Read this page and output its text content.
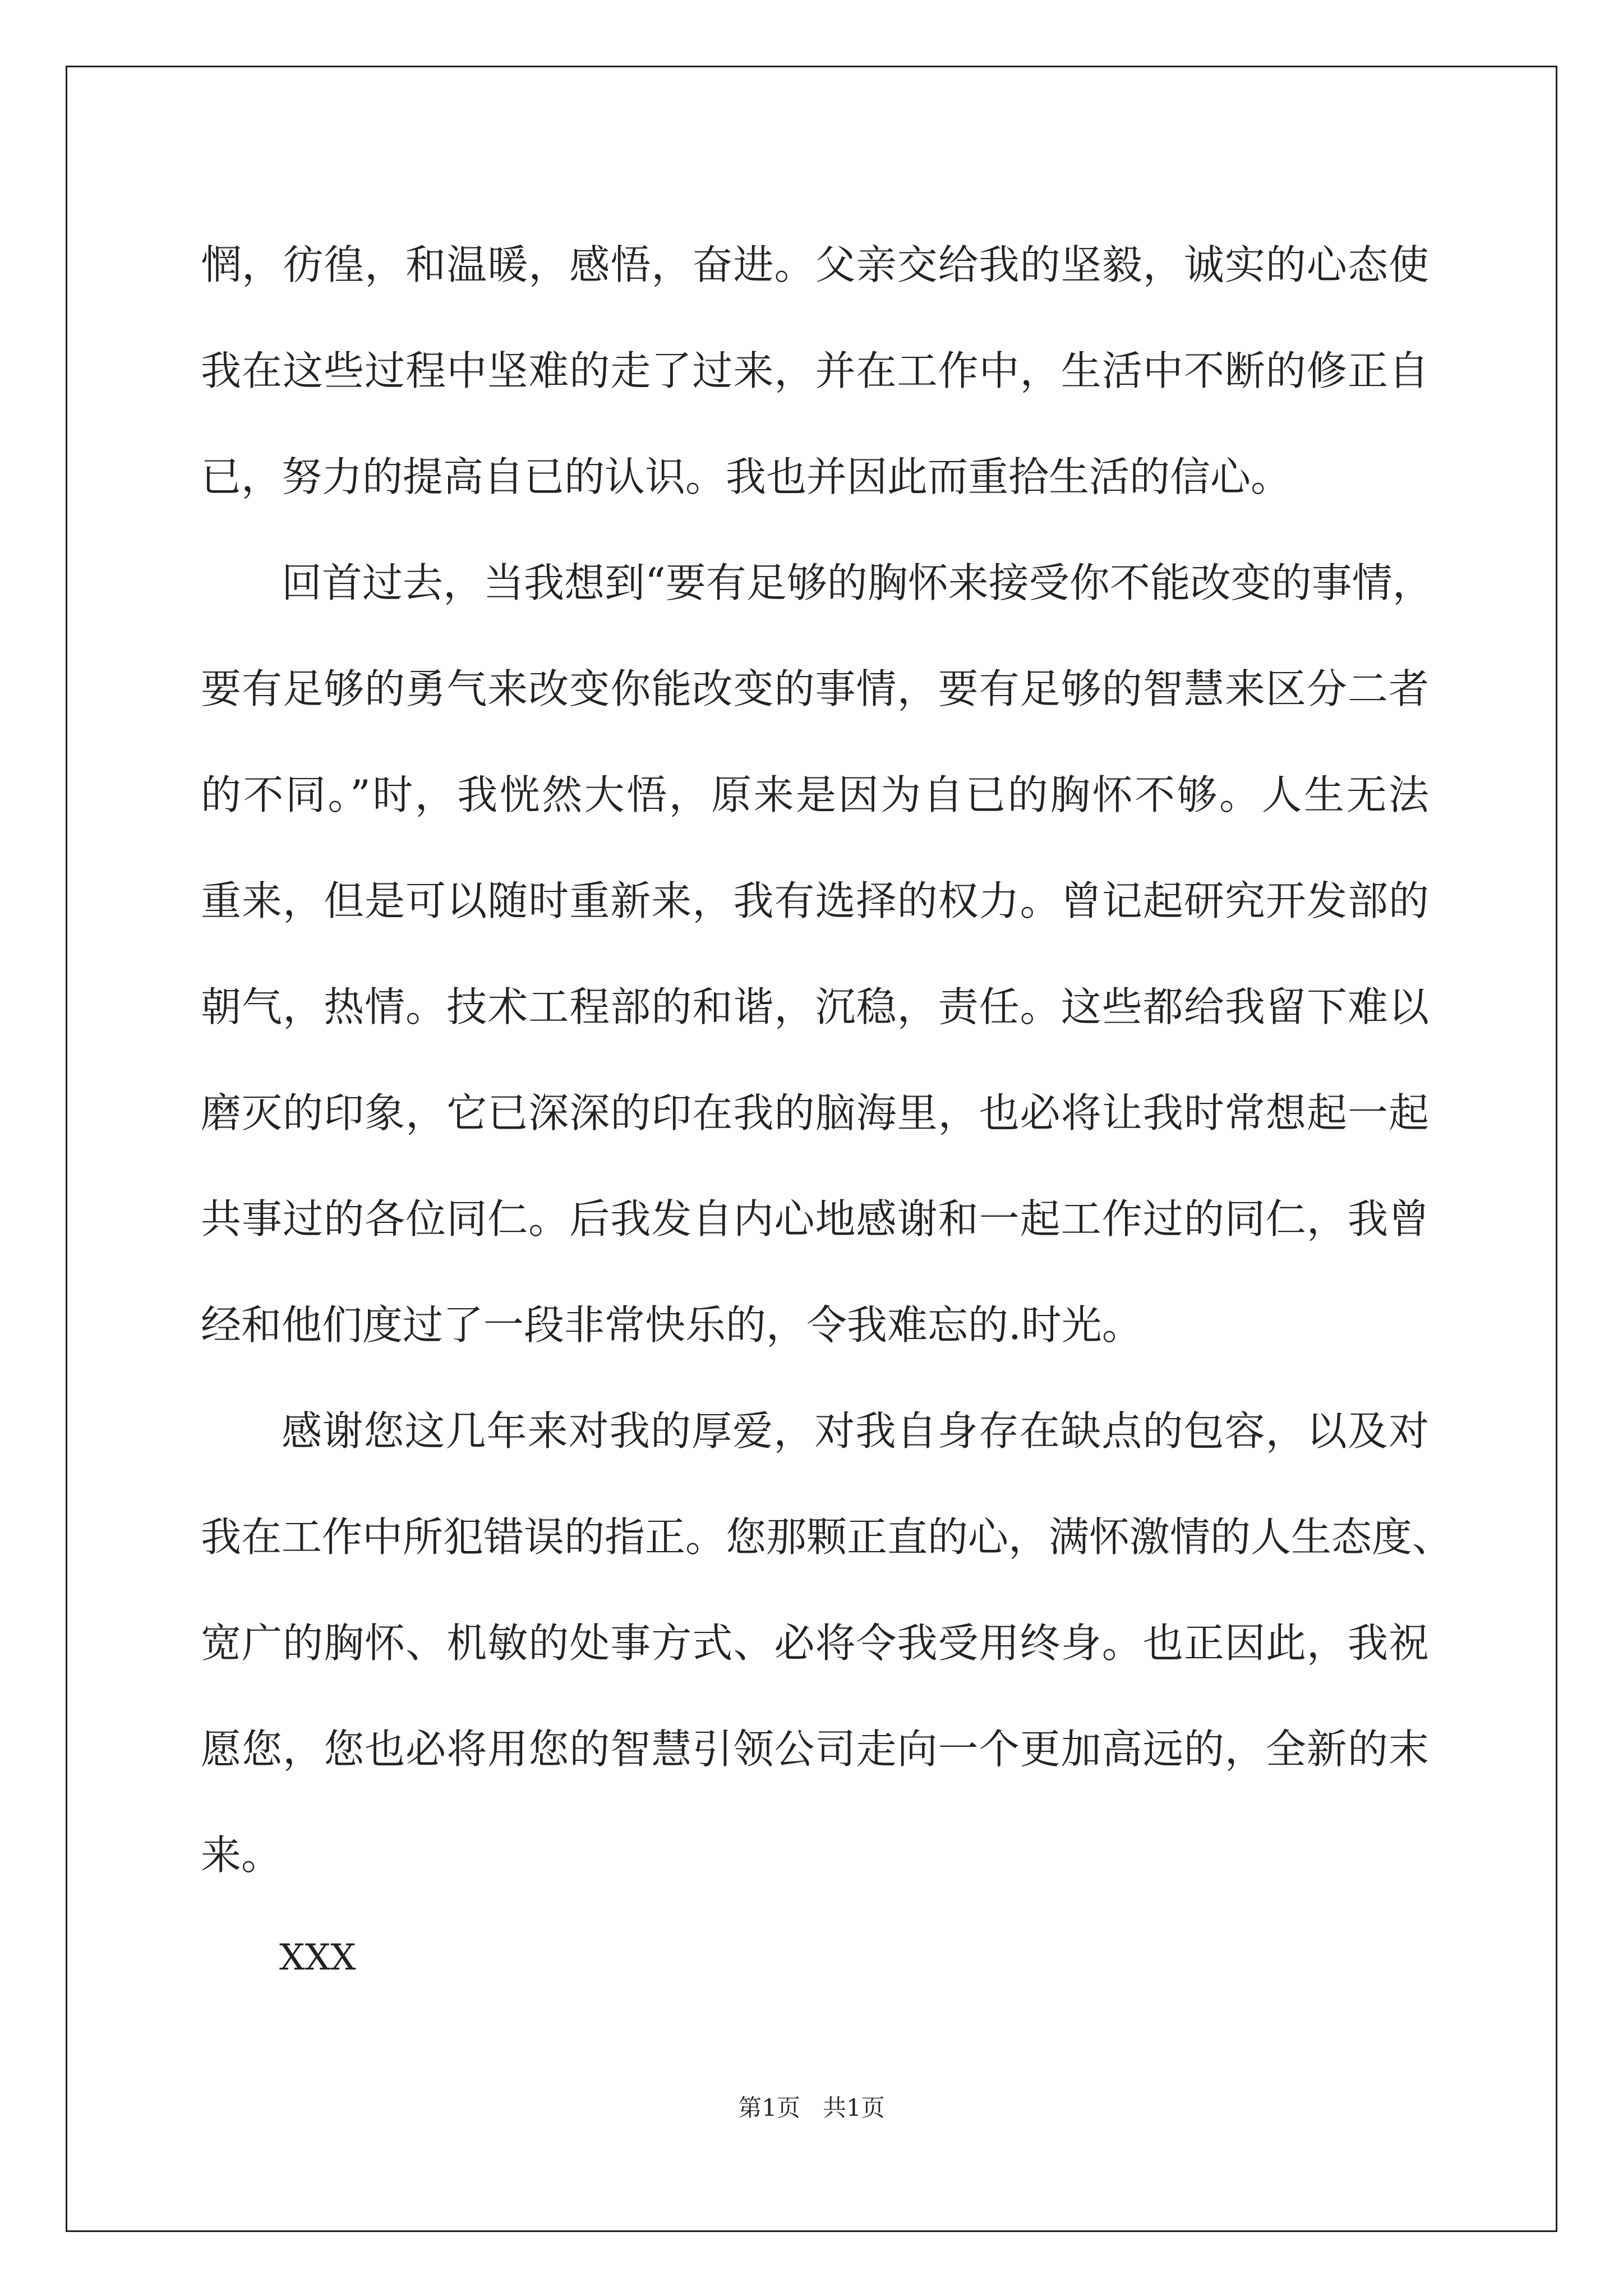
惘，彷徨，和温暖，感悟，奋进。父亲交给我的坚毅，诚实的心态使
我在这些过程中坚难的走了过来，并在工作中，生活中不断的修正自
已，努力的提高自已的认识。我也并因此而重拾生活的信心。
回首过去，当我想到“要有足够的胸怀来接受你不能改变的事情，
要有足够的勇气来改变你能改变的事情，要有足够的智慧来区分二者
的不同。”时，我恍然大悟，原来是因为自已的胸怀不够。人生无法
重来，但是可以随时重新来，我有选择的权力。曾记起研究开发部的
朝气，热情。技术工程部的和谐，沉稳，责任。这些都给我留下难以
磨灭的印象，它已深深的印在我的脑海里，也必将让我时常想起一起
共事过的各位同仁。后我发自内心地感谢和一起工作过的同仁，我曾
经和他们度过了一段非常快乐的，令我难忘的.时光。
感谢您这几年来对我的厚爱，对我自身存在缺点的包容，以及对
我在工作中所犯错误的指正。您那颗正直的心，满怀激情的人生态度、
宽广的胸怀、机敏的处事方式、必将令我受用终身。也正因此，我祝
愿您，您也必将用您的智慧引领公司走向一个更加高远的，全新的末
来。
XXX
第1页   共1页
